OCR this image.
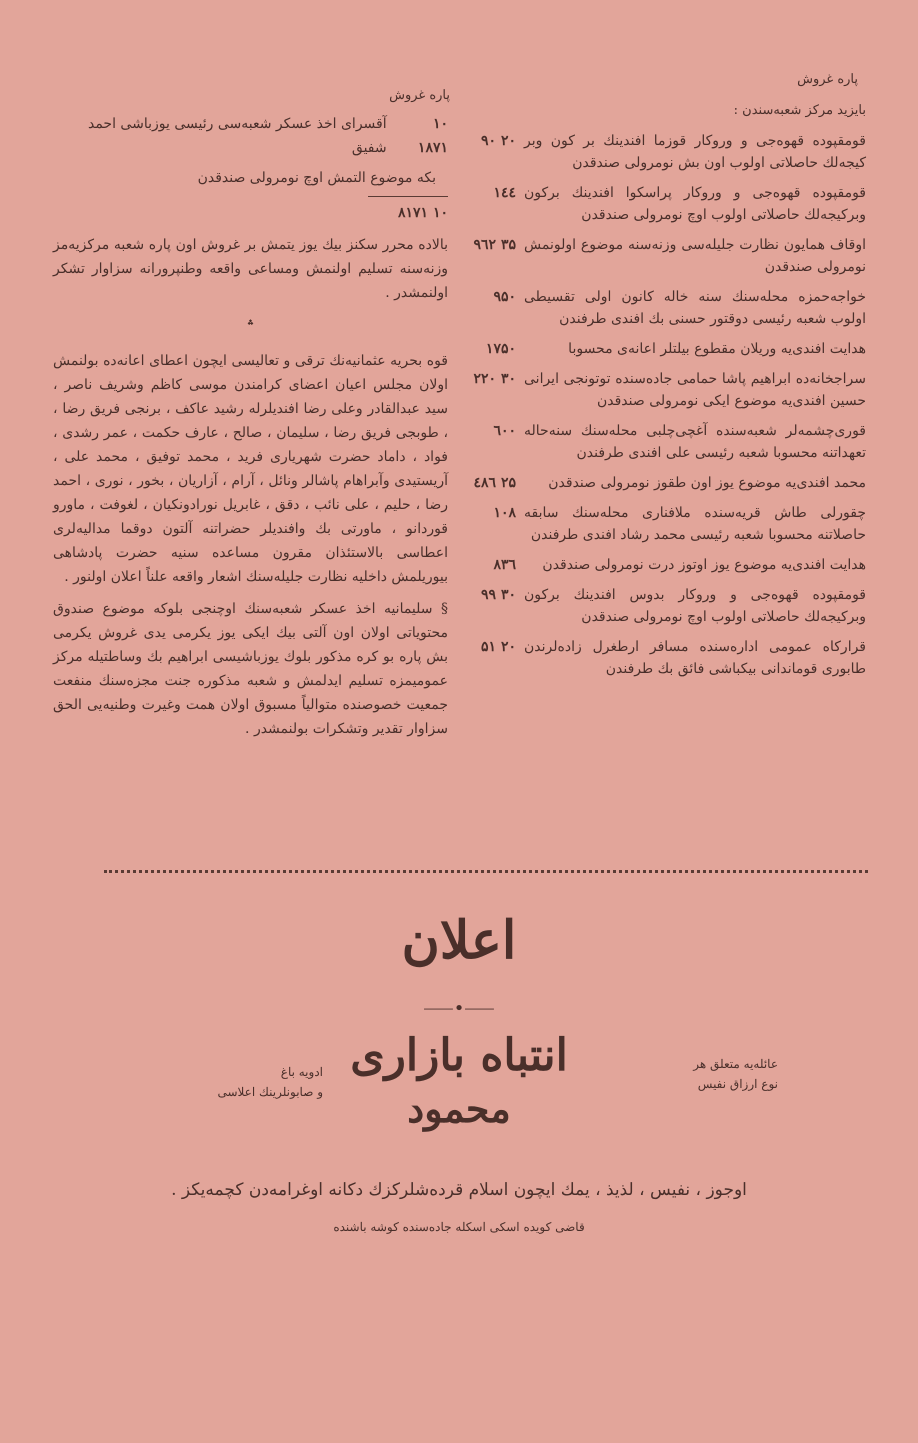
پاره غروش
پاره غروش
بایزید مرکز شعبه‌سندن :
قومقپوده قهوه‌جی و وروکار قوزما افندینك بر کون وبر کیجه‌لك حاصلاتی اولوب اون بش نومرولی صندقدن
۲۰ ۹۰
قومقپوده قهوه‌جی و وروکار پراسکوا افندینك برکون وبرکیجه‌لك حاصلاتی اولوب اوچ نومرولی صندقدن
۱٤٤
اوقاف همایون نظارت جلیله‌سی وزنه‌سنه موضوع اولونمش نومرولی صندقدن
۳۵ ۹٦۲
خواجه‌حمزه محله‌سنك سنه‌ خاله کانون اولی تقسیطی اولوب شعبه رئیسی دوقتور حسنی بك افندی طرفندن
۹۵۰
هدایت افندی‌یه وریلان مقطوع بیلتلر اعانه‌ی محسوبا
۱۷۵۰
سراجخانه‌ده ابراهیم پاشا حمامی جاده‌سنده توتونجی ایرانی حسین افندی‌یه موضوع ایکی نومرولی صندقدن
۳۰ ۲۲۰
قوری‌چشمه‌لر شعبه‌سنده آغچی‌چلبی محله‌سنك سنه‌حاله تعهداتنه محسوبا شعبه رئیسی علی افندی طرفندن
٦۰۰
محمد افندی‌یه موضوع یوز اون طقوز نومرولی صندقدن
۲۵ ٤۸٦
چقورلی طاش قریه‌سنده ملافناری محله‌سنك سابقه حاصلاتنه محسوبا شعبه رئیسی محمد رشاد افندی طرفندن
۱۰۸
هدایت افندی‌یه موضوع یوز اوتوز درت نومرولی صندقدن
۸۳٦
قومقپوده قهوه‌جی و وروکار بدوس افندینك برکون وبرکیجه‌لك حاصلاتی اولوب اوچ نومرولی صندقدن
۳۰ ۹۹
قرارکاه عمومی اداره‌سنده مسافر ارطغرل زاده‌لرندن طابوری قوماندانی بیکباشی فائق بك طرفندن
۲۰ ۵۱
۱۰ ۱۸۷۱
آقسرای اخذ عسکر شعبه‌سی رئیسی یوزباشی احمد شفیق
بکه موضوع التمش اوچ نومرولی صندقدن
۱۰ ۸۱۷۱

بالاده محرر سکنز بیك یوز یتمش بر غروش اون پاره شعبه مرکزیه‌مز وزنه‌سنه تسلیم اولنمش ومساعی واقعه وطنپرورانه سزاوار تشکر اولنمشدر .

؞

قوه بحریه عثمانیه‌نك ترقی و تعالیسی ایچون اعطای اعانه‌ده بولنمش اولان مجلس اعیان اعضای کرامندن موسی کاظم وشریف ناصر ، سید عبدالقادر وعلی رضا افندیلرله رشید عاکف ، برنجی فریق رضا ، ، طوبجی فریق رضا ، سلیمان ، صالح ، عارف حکمت ، عمر رشدی ، فواد ، داماد حضرت شهریاری فرید ، محمد توفیق ، محمد علی ، آریستیدی وآبراهام پاشالر ونائل ، آرام ، آزاریان ، بخور ، نوری ، احمد رضا ، حلیم ، علی نائب ، دقق ، غابریل نورادونکیان ، لغوفت ، ماورو قوردانو ، ماورتی بك وافندیلر حضراتنه آلتون دوقما مدالیه‌لری اعطاسی بالاستئذان مقرون مساعده سنیه حضرت پادشاهی بیوریلمش داخلیه نظارت جلیله‌سنك اشعار واقعه علناً اعلان اولنور .

§ سلیمانیه اخذ عسکر شعبه‌سنك اوچنجی بلوکه موضوع صندوق محتویاتی اولان اون آلتی بیك ایکی یوز یکرمی یدی غروش یکرمی بش پاره بو کره مذکور بلوك یوزباشیسی ابراهیم بك وساطتیله مرکز عمومیمزه تسلیم ایدلمش و شعبه مذکوره جنت مجزه‌سنك منفعت جمعیت خصوصنده متوالیاً مسبوق اولان همت وغیرت وطنیه‌یی الحق سزاوار تقدیر وتشکرات بولنمشدر .

اعلان
⸺•⸺
انتباه بازاری
محمود
عائله‌یه متعلق هر
نوع ارزاق نفیس
ادویه باغ
و صابونلرینك اعلاسی
اوجوز ، نفیس ، لذیذ ، یمك ایچون اسلام قرده‌شلرکزك دکانه اوغرامه‌دن کچمه‌یکز .
قاضی کویده اسکی اسکله جاده‌سنده کوشه باشنده
